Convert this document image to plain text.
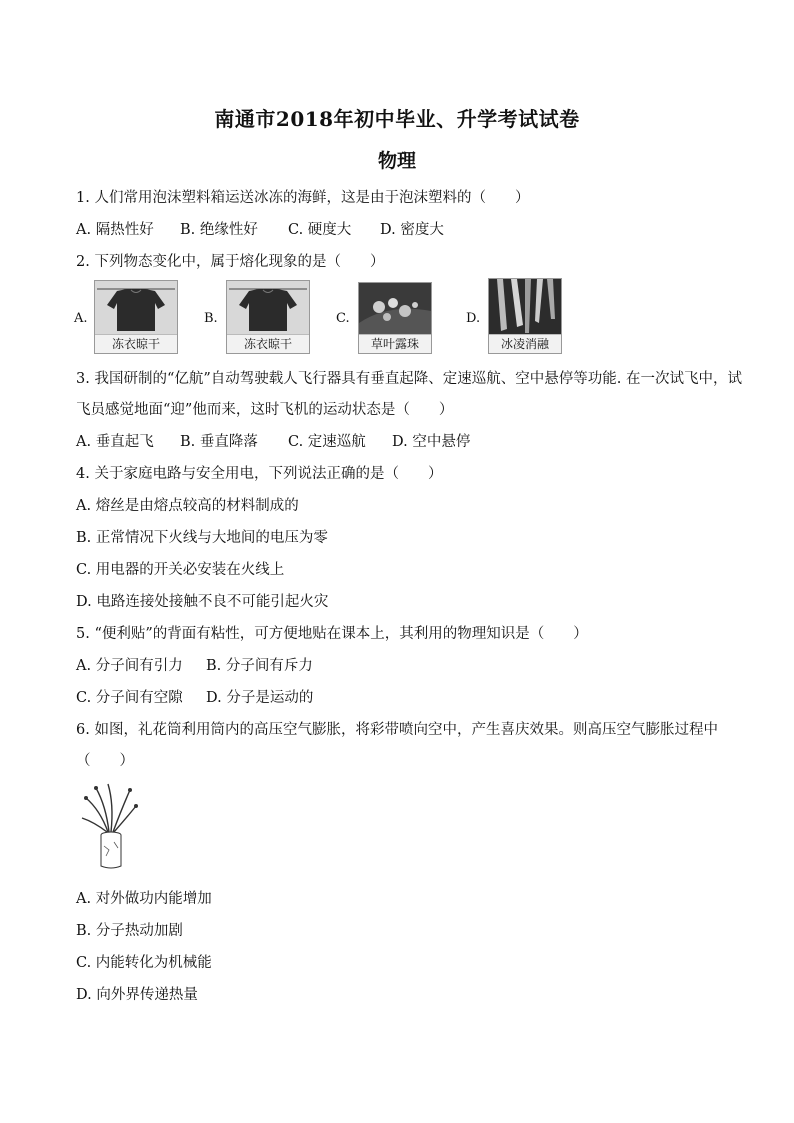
南通市2018年初中毕业、升学考试试卷
物理
1. 人们常用泡沫塑料箱运送冰冻的海鲜，这是由于泡沫塑料的（　　）
A. 隔热性好 B. 绝缘性好 C. 硬度大 D. 密度大
2. 下列物态变化中，属于熔化现象的是（　　）
A.
冻衣晾干
B.
冻衣晾干
C.
草叶露珠
D.
冰凌消融
3. 我国研制的“亿航”自动驾驶载人飞行器具有垂直起降、定速巡航、空中悬停等功能. 在一次试飞中，试
飞员感觉地面“迎”他而来，这时飞机的运动状态是（　　）
A. 垂直起飞 B. 垂直降落 C. 定速巡航 D. 空中悬停
4. 关于家庭电路与安全用电，下列说法正确的是（　　）
A. 熔丝是由熔点较高的材料制成的
B. 正常情况下火线与大地间的电压为零
C. 用电器的开关必安装在火线上
D. 电路连接处接触不良不可能引起火灾
5. “便利贴”的背面有粘性，可方便地贴在课本上，其利用的物理知识是（　　）
A. 分子间有引力 B. 分子间有斥力
C. 分子间有空隙 D. 分子是运动的
6. 如图，礼花筒利用筒内的高压空气膨胀，将彩带喷向空中，产生喜庆效果。则高压空气膨胀过程中
（　　）
A. 对外做功内能增加
B. 分子热动加剧
C. 内能转化为机械能
D. 向外界传递热量
